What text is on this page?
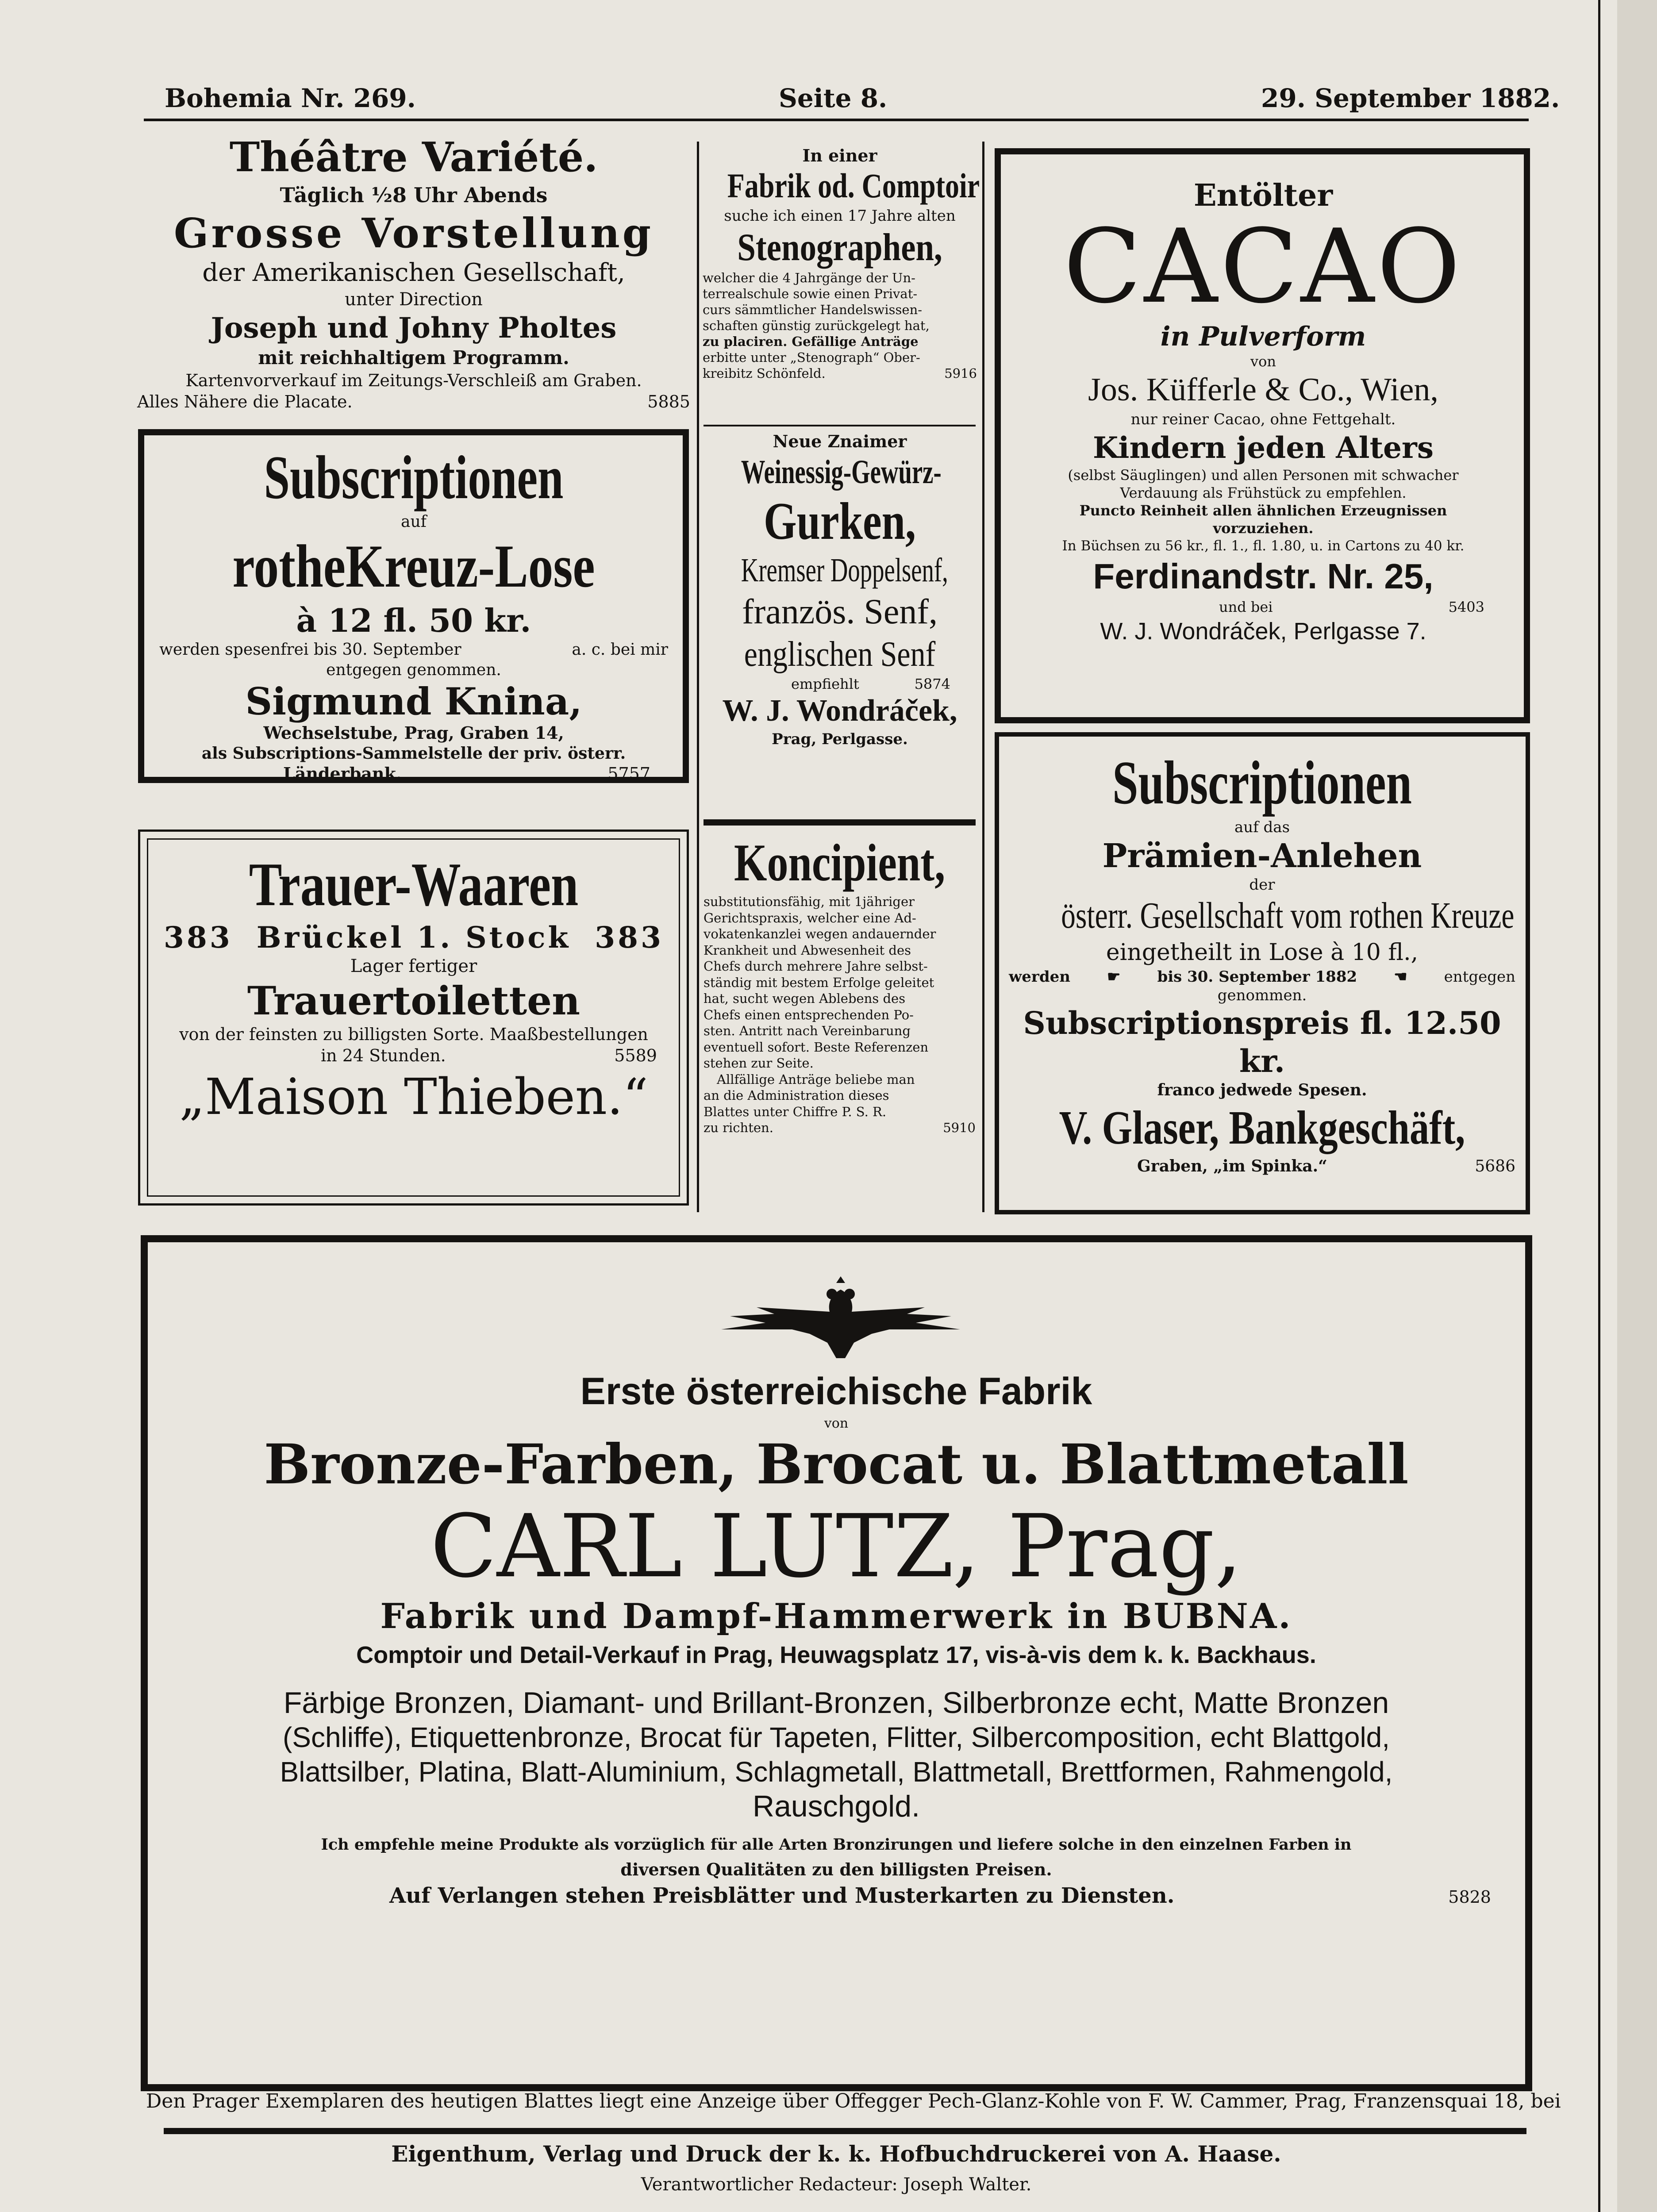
Bohemia Nr. 269.	Seite 8.	29. September 1882.
Théâtre Variété.
Täglich ½8 Uhr Abends
Grosse Vorstellung
der Amerikanischen Gesellschaft,
unter Direction
Joseph und Johny Pholtes
mit reichhaltigem Programm.
Kartenvorverkauf im Zeitungs-Verschleiß am Graben.
Alles Nähere die Placate.	5885
Subscriptionen
auf
rotheKreuz-Lose
à 12 fl. 50 kr.
werden spesenfrei bis 30. September	a. c. bei mir
entgegen genommen.
Sigmund Knina,
Wechselstube, Prag, Graben 14,
als Subscriptions-Sammelstelle der priv. österr.
Länderbank.	5757
Trauer-Waaren
383 Brückel 1. Stock 383
Lager fertiger
Trauertoiletten
von der feinsten zu billigsten Sorte. Maaßbestellungen
in 24 Stunden.	5589
„Maison Thieben.“
In einer
Fabrik od. Comptoir
suche ich einen 17 Jahre alten
Stenographen,
welcher die 4 Jahrgänge der Un-
terrealschule sowie einen Privat-
curs sämmtlicher Handelswissen-
schaften günstig zurückgelegt hat,
zu placiren. Gefällige Anträge
erbitte unter „Stenograph“ Ober-
kreibitz Schönfeld.	5916
Neue Znaimer
Weinessig-Gewürz-
Gurken,
Kremser Doppelsenf,
französ. Senf,
englischen Senf
empfiehlt	5874
W. J. Wondráček,
Prag, Perlgasse.
Koncipient,
substitutionsfähig, mit 1jähriger
Gerichtspraxis, welcher eine Ad-
vokatenkanzlei wegen andauernder
Krankheit und Abwesenheit des
Chefs durch mehrere Jahre selbst-
ständig mit bestem Erfolge geleitet
hat, sucht wegen Ablebens des
Chefs einen entsprechenden Po-
sten. Antritt nach Vereinbarung
eventuell sofort. Beste Referenzen
stehen zur Seite.
Allfällige Anträge beliebe man
an die Administration dieses
Blattes unter Chiffre P. S. R.
zu richten.	5910
Entölter
CACAO
in Pulverform
von
Jos. Küfferle & Co., Wien,
nur reiner Cacao, ohne Fettgehalt.
Kindern jeden Alters
(selbst Säuglingen) und allen Personen mit schwacher
Verdauung als Frühstück zu empfehlen.
Puncto Reinheit allen ähnlichen Erzeugnissen
vorzuziehen.
In Büchsen zu 56 kr., fl. 1., fl. 1.80, u. in Cartons zu 40 kr.
Ferdinandstr. Nr. 25,
und bei	5403
W. J. Wondráček, Perlgasse 7.
Subscriptionen
auf das
Prämien-Anlehen
der
österr. Gesellschaft vom rothen Kreuze
eingetheilt in Lose à 10 fl.,
werden ☛ bis 30. September 1882 ☚ entgegen
genommen.
Subscriptionspreis fl. 12.50 kr.
franco jedwede Spesen.
V. Glaser, Bankgeschäft,
Graben, „im Spinka.“	5686
Erste österreichische Fabrik
von
Bronze-Farben, Brocat u. Blattmetall
CARL LUTZ, Prag,
Fabrik und Dampf-Hammerwerk in BUBNA.
Comptoir und Detail-Verkauf in Prag, Heuwagsplatz 17, vis-à-vis dem k. k. Backhaus.
Färbige Bronzen, Diamant- und Brillant-Bronzen, Silberbronze echt, Matte Bronzen
(Schliffe), Etiquettenbronze, Brocat für Tapeten, Flitter, Silbercomposition, echt Blattgold,
Blattsilber, Platina, Blatt-Aluminium, Schlagmetall, Blattmetall, Brettformen, Rahmengold,
Rauschgold.
Ich empfehle meine Produkte als vorzüglich für alle Arten Bronzirungen und liefere solche in den einzelnen Farben in
diversen Qualitäten zu den billigsten Preisen.
Auf Verlangen stehen Preisblätter und Musterkarten zu Diensten.	5828
Den Prager Exemplaren des heutigen Blattes liegt eine Anzeige über Offegger Pech-Glanz-Kohle von F. W. Cammer, Prag, Franzensquai 18, bei
Eigenthum, Verlag und Druck der k. k. Hofbuchdruckerei von A. Haase.
Verantwortlicher Redacteur: Joseph Walter.
